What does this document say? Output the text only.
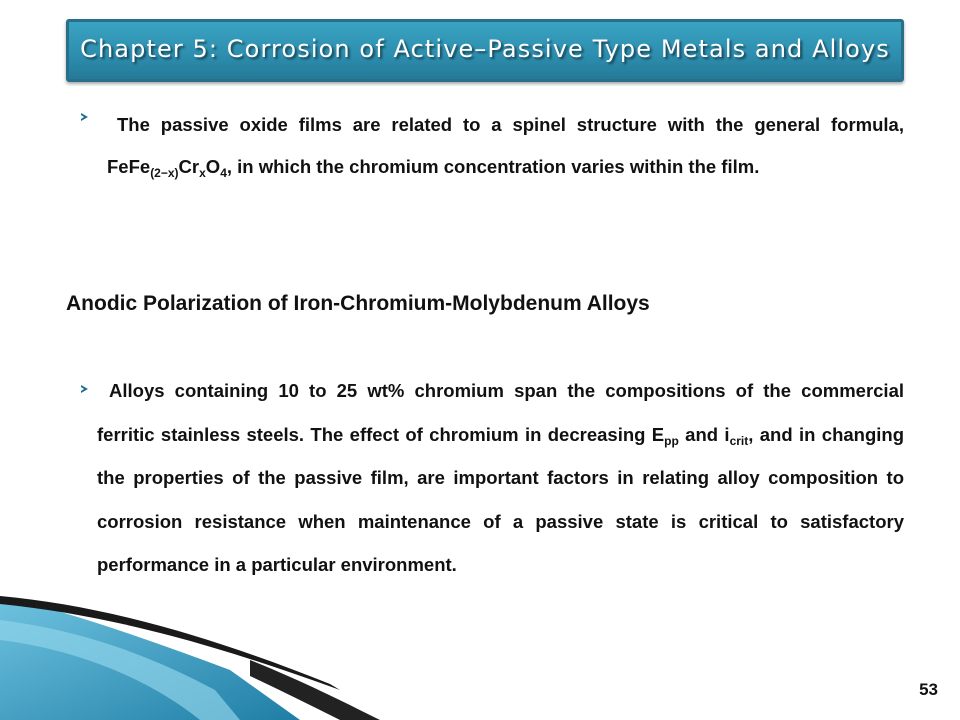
Chapter 5: Corrosion of Active–Passive Type Metals and Alloys
The passive oxide films are related to a spinel structure with the general formula, $FeFe_{(2-x)}Cr_xO_4$, in which the chromium concentration varies within the film.
Anodic Polarization of Iron-Chromium-Molybdenum Alloys
Alloys containing 10 to 25 wt% chromium span the compositions of the commercial ferritic stainless steels. The effect of chromium in decreasing $E_{pp}$ and $i_{crit}$, and in changing the properties of the passive film, are important factors in relating alloy composition to corrosion resistance when maintenance of a passive state is critical to satisfactory performance in a particular environment.
53
